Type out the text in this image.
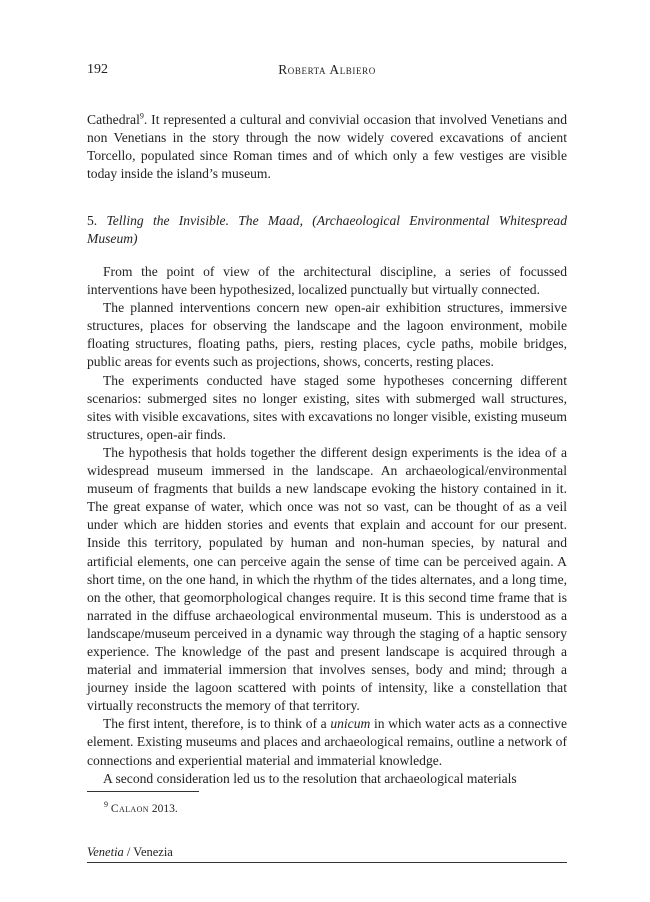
192	Roberta Albiero
Cathedral$^9$. It represented a cultural and convivial occasion that involved Venetians and non Venetians in the story through the now widely covered excavations of ancient Torcello, populated since Roman times and of which only a few vestiges are visible today inside the island’s museum.
5. Telling the Invisible. The Maad, (Archaeological Environmental Whitespread Museum)

From the point of view of the architectural discipline, a series of focussed interventions have been hypothesized, localized punctually but virtually connected.

The planned interventions concern new open-air exhibition structures, immersive structures, places for observing the landscape and the lagoon environment, mobile floating structures, floating paths, piers, resting places, cycle paths, mobile bridges, public areas for events such as projections, shows, concerts, resting places.

The experiments conducted have staged some hypotheses concerning different scenarios: submerged sites no longer existing, sites with submerged wall structures, sites with visible excavations, sites with excavations no longer visible, existing museum structures, open-air finds.

The hypothesis that holds together the different design experiments is the idea of a widespread museum immersed in the landscape. An archaeological/environmental museum of fragments that builds a new landscape evoking the history contained in it. The great expanse of water, which once was not so vast, can be thought of as a veil under which are hidden stories and events that explain and account for our present. Inside this territory, populated by human and non-human species, by natural and artificial elements, one can perceive again the sense of time can be perceived again. A short time, on the one hand, in which the rhythm of the tides alternates, and a long time, on the other, that geomorphological changes require. It is this second time frame that is narrated in the diffuse archaeological environmental museum. This is understood as a landscape/museum perceived in a dynamic way through the staging of a haptic sensory experience. The knowledge of the past and present landscape is acquired through a material and immaterial immersion that involves senses, body and mind; through a journey inside the lagoon scattered with points of intensity, like a constellation that virtually reconstructs the memory of that territory.

The first intent, therefore, is to think of a unicum in which water acts as a connective element. Existing museums and places and archaeological remains, outline a network of connections and experiential material and immaterial knowledge.

A second consideration led us to the resolution that archaeological materials

$^9$ Calaon 2013.
Venetia / Venezia
